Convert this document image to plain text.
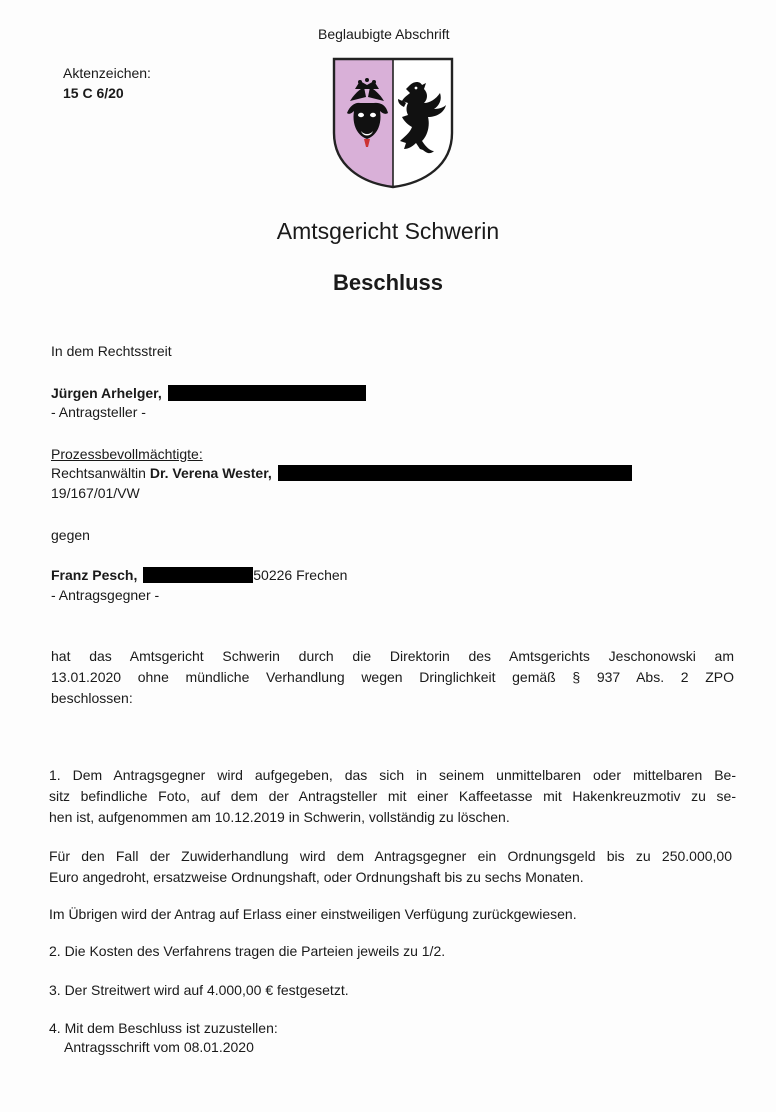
Beglaubigte Abschrift
Aktenzeichen:
15 C 6/20
Amtsgericht Schwerin
Beschluss
In dem Rechtsstreit
Jürgen Arhelger,
- Antragsteller -
Prozessbevollmächtigte:
Rechtsanwältin Dr. Verena Wester,
19/167/01/VW
gegen
Franz Pesch,	50226 Frechen
- Antragsgegner -
hat das Amtsgericht Schwerin durch die Direktorin des Amtsgerichts Jeschonowski am
13.01.2020 ohne mündliche Verhandlung wegen Dringlichkeit gemäß § 937 Abs. 2 ZPO
beschlossen:
1. Dem Antragsgegner wird aufgegeben, das sich in seinem unmittelbaren oder mittelbaren Be-
sitz befindliche Foto, auf dem der Antragsteller mit einer Kaffeetasse mit Hakenkreuzmotiv zu se-
hen ist, aufgenommen am 10.12.2019 in Schwerin, vollständig zu löschen.
Für den Fall der Zuwiderhandlung wird dem Antragsgegner ein Ordnungsgeld bis zu 250.000,00
Euro angedroht, ersatzweise Ordnungshaft, oder Ordnungshaft bis zu sechs Monaten.
Im Übrigen wird der Antrag auf Erlass einer einstweiligen Verfügung zurückgewiesen.
2. Die Kosten des Verfahrens tragen die Parteien jeweils zu 1/2.
3. Der Streitwert wird auf 4.000,00 € festgesetzt.
4. Mit dem Beschluss ist zuzustellen:
Antragsschrift vom 08.01.2020
